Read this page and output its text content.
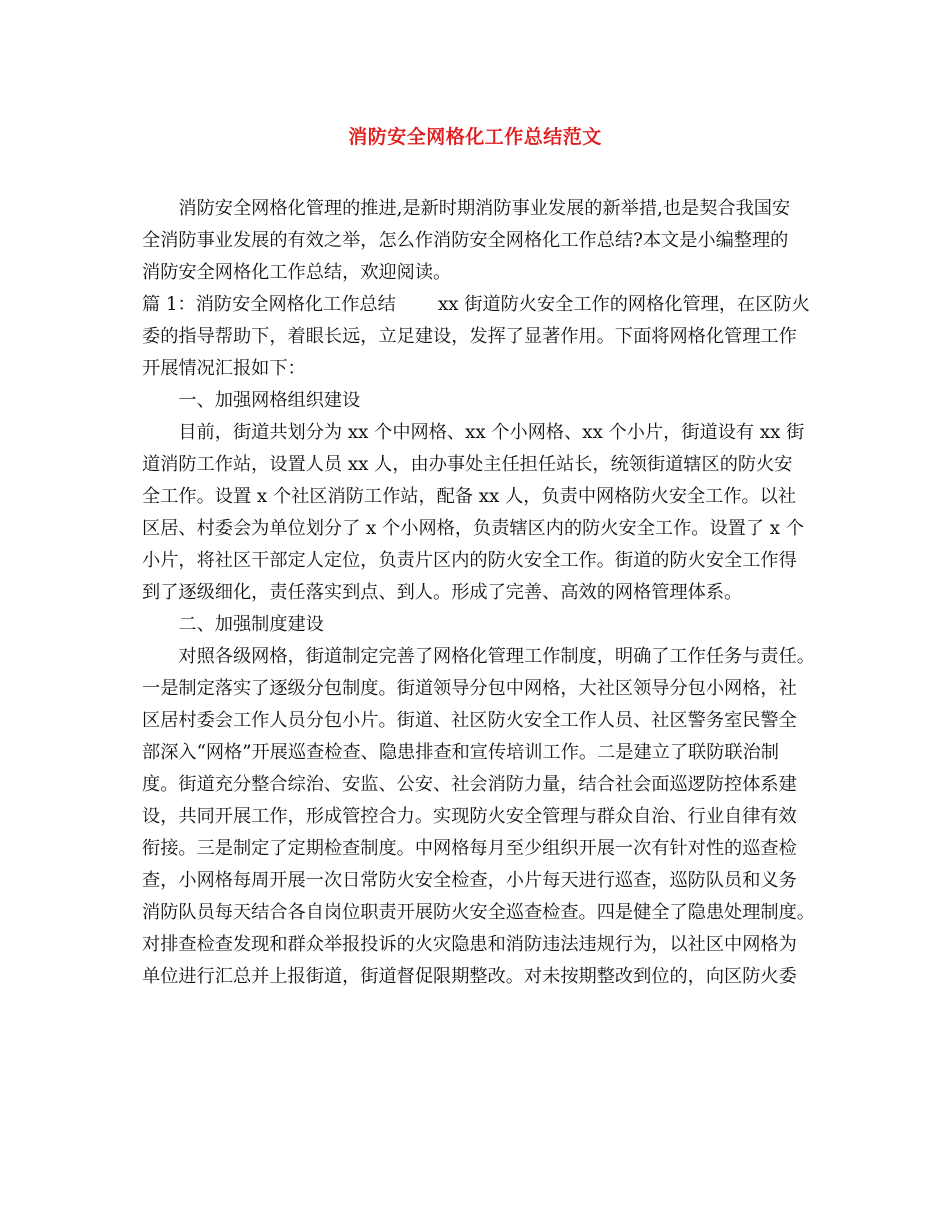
消防安全网格化工作总结范文
　　消防安全网格化管理的推进,是新时期消防事业发展的新举措,也是契合我国安
全消防事业发展的有效之举，怎么作消防安全网格化工作总结?本文是小编整理的
消防安全网格化工作总结，欢迎阅读。
篇 1：消防安全网格化工作总结　　 xx 街道防火安全工作的网格化管理，在区防火
委的指导帮助下，着眼长远，立足建设，发挥了显著作用。下面将网格化管理工作
开展情况汇报如下：
　　一、加强网格组织建设
　　目前，街道共划分为 xx 个中网格、xx 个小网格、xx 个小片，街道设有 xx 街
道消防工作站，设置人员 xx 人，由办事处主任担任站长，统领街道辖区的防火安
全工作。设置 x 个社区消防工作站，配备 xx 人，负责中网格防火安全工作。以社
区居、村委会为单位划分了 x 个小网格，负责辖区内的防火安全工作。设置了 x 个
小片，将社区干部定人定位，负责片区内的防火安全工作。街道的防火安全工作得
到了逐级细化，责任落实到点、到人。形成了完善、高效的网格管理体系。
　　二、加强制度建设
　　对照各级网格，街道制定完善了网格化管理工作制度，明确了工作任务与责任。
一是制定落实了逐级分包制度。街道领导分包中网格，大社区领导分包小网格，社
区居村委会工作人员分包小片。街道、社区防火安全工作人员、社区警务室民警全
部深入“网格”开展巡查检查、隐患排查和宣传培训工作。二是建立了联防联治制
度。街道充分整合综治、安监、公安、社会消防力量，结合社会面巡逻防控体系建
设，共同开展工作，形成管控合力。实现防火安全管理与群众自治、行业自律有效
衔接。三是制定了定期检查制度。中网格每月至少组织开展一次有针对性的巡查检
查，小网格每周开展一次日常防火安全检查，小片每天进行巡查，巡防队员和义务
消防队员每天结合各自岗位职责开展防火安全巡查检查。四是健全了隐患处理制度。
对排查检查发现和群众举报投诉的火灾隐患和消防违法违规行为，以社区中网格为
单位进行汇总并上报街道，街道督促限期整改。对未按期整改到位的，向区防火委
